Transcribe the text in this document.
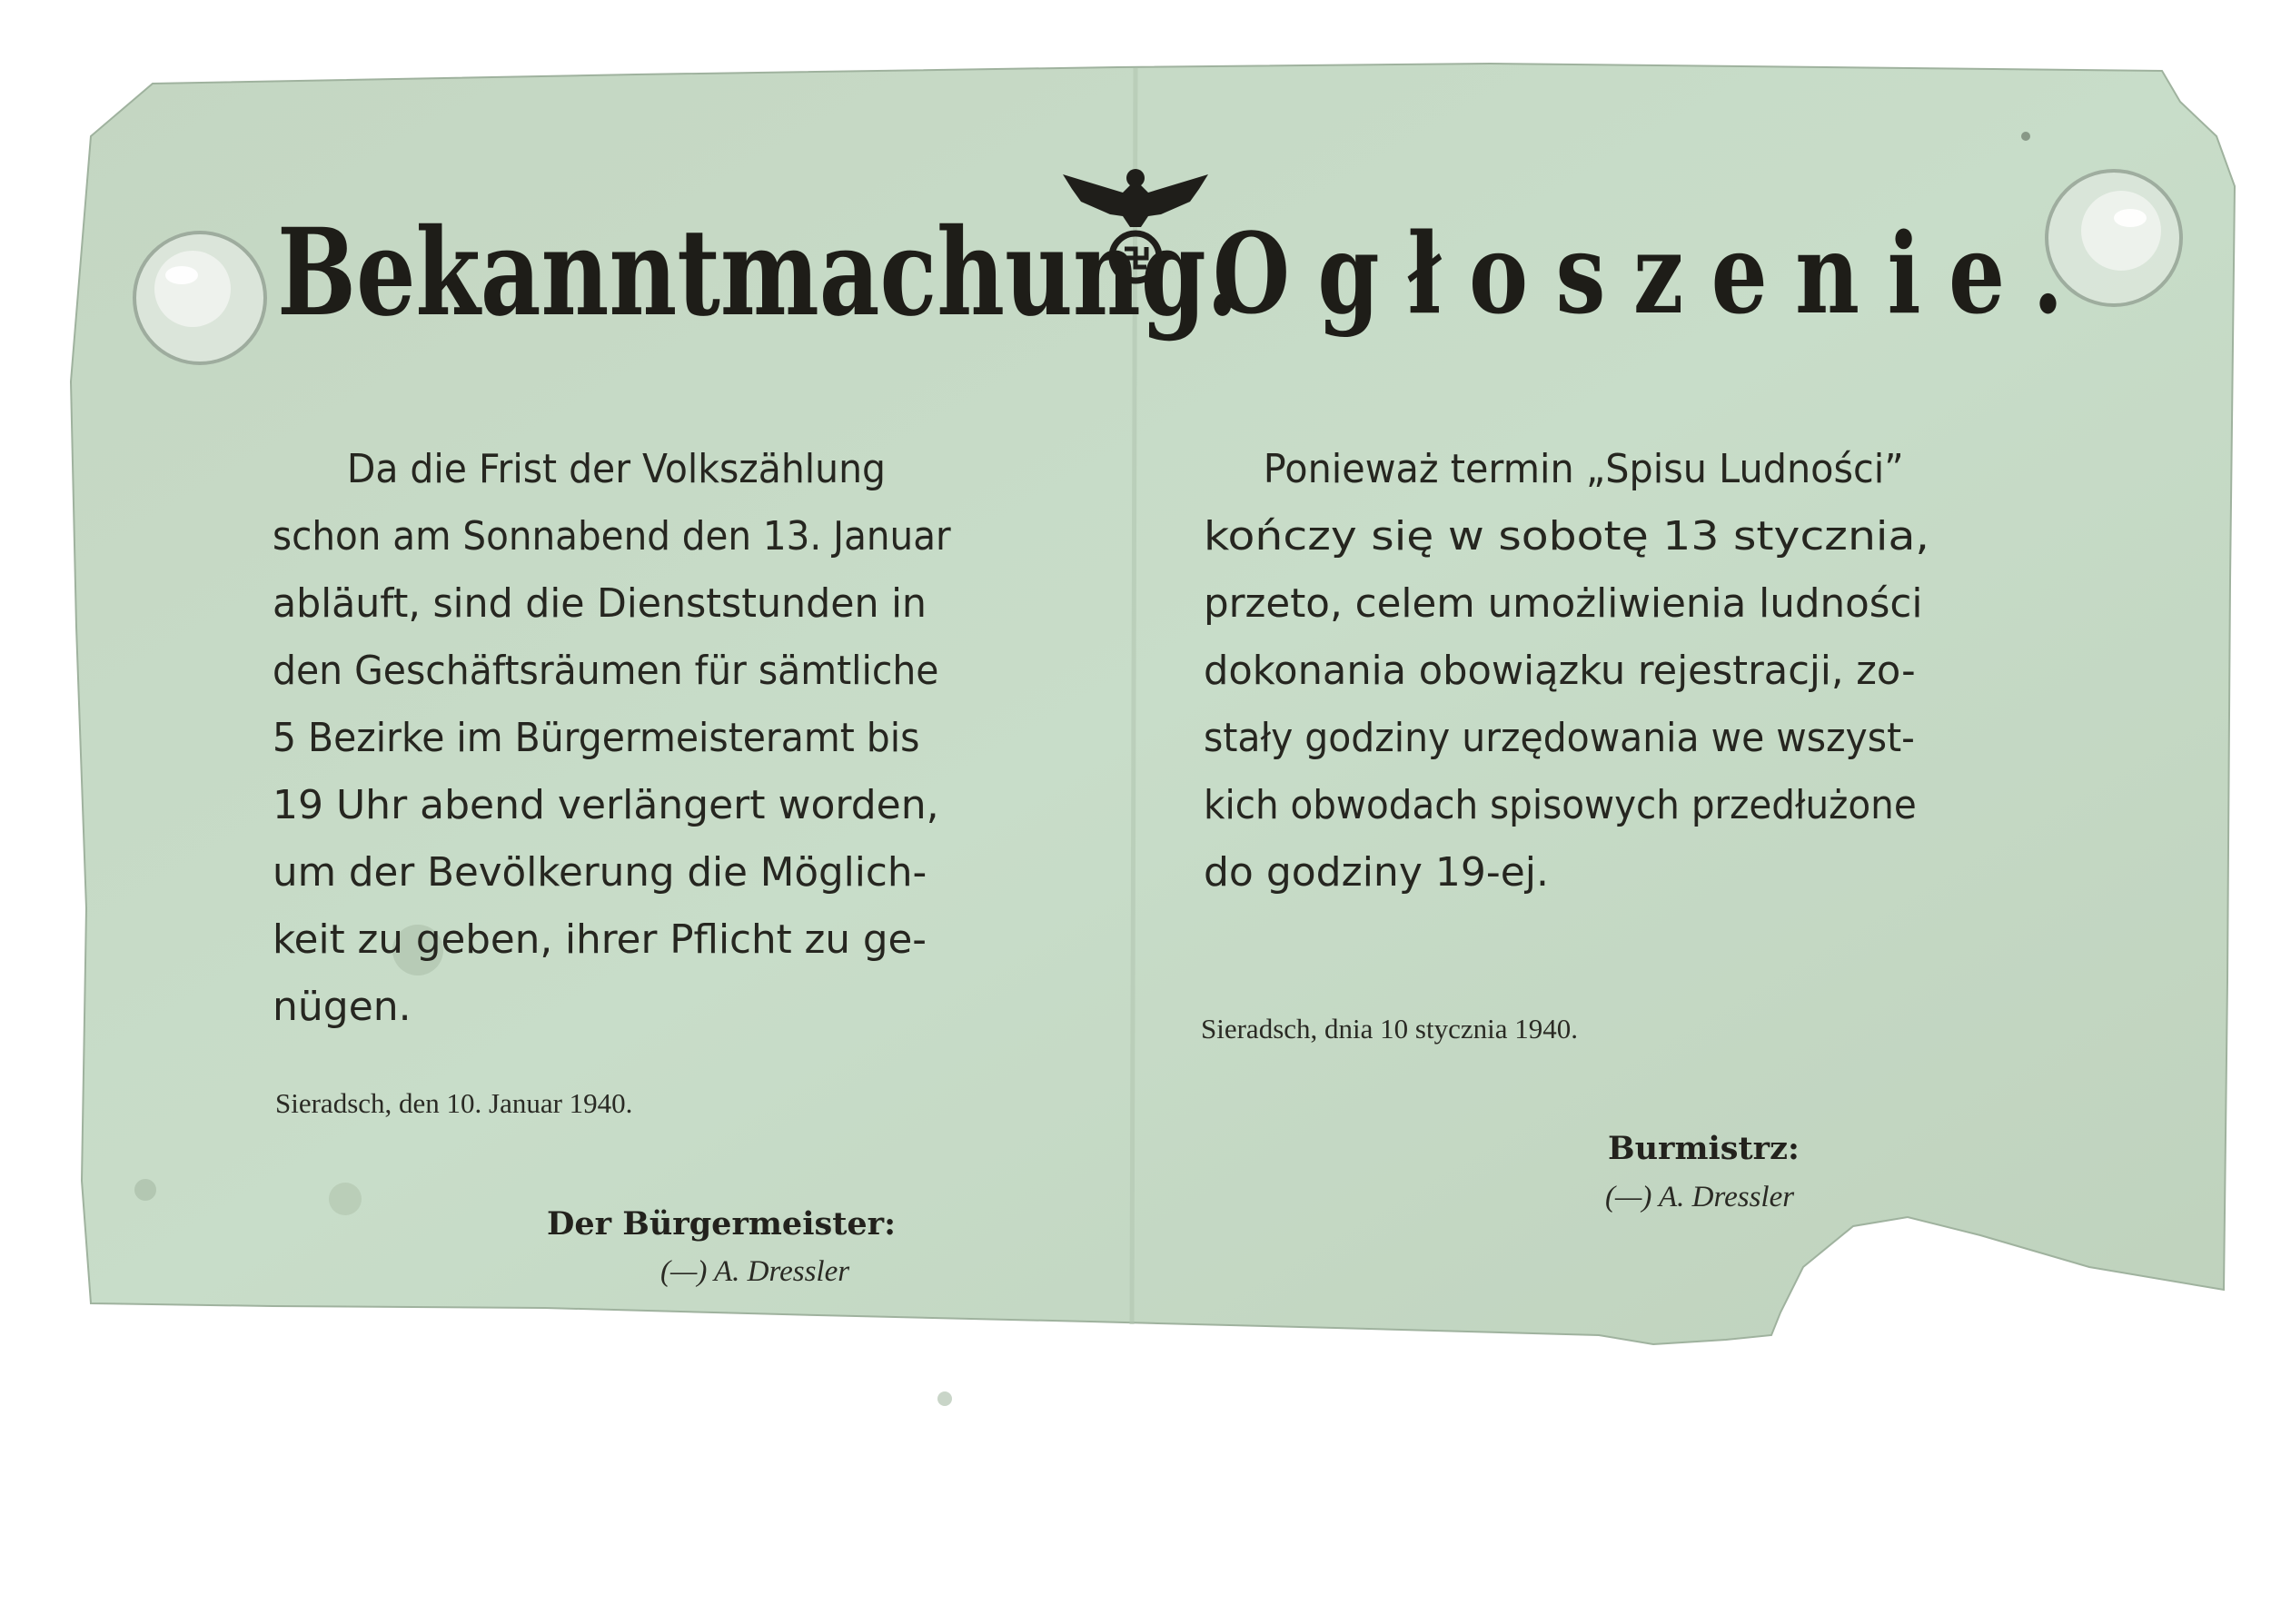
Bekanntmachung.
Ogłoszenie.
Da die Frist der Volkszählung
schon am Sonnabend den 13. Januar
abläuft, sind die Dienststunden in
den Geschäftsräumen für sämtliche
5 Bezirke im Bürgermeisteramt bis
19 Uhr abend verlängert worden,
um der Bevölkerung die Möglich-
keit zu geben, ihrer Pflicht zu ge-
nügen.
Ponieważ termin „Spisu Ludności”
kończy się w sobotę 13 stycznia,
przeto, celem umożliwienia ludności
dokonania obowiązku rejestracji, zo-
stały godziny urzędowania we wszyst-
kich obwodach spisowych przedłużone
do godziny 19-ej.
Sieradsch, den 10. Januar 1940.
Sieradsch, dnia 10 stycznia 1940.
Der Bürgermeister:
(—) A. Dressler
Burmistrz:
(—) A. Dressler
